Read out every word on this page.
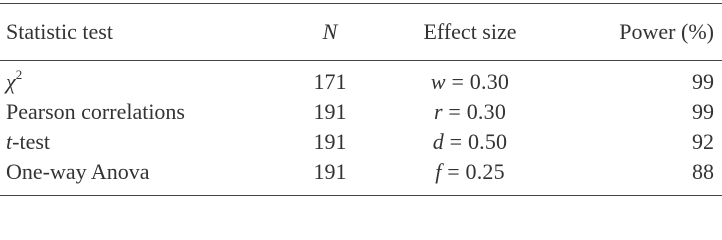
Statistic test	N	Effect size	Power (%)
$\chi^2$	171	w = 0.30	99
Pearson correlations	191	r = 0.30	99
t-test	191	d = 0.50	92
One-way Anova	191	f = 0.25	88
